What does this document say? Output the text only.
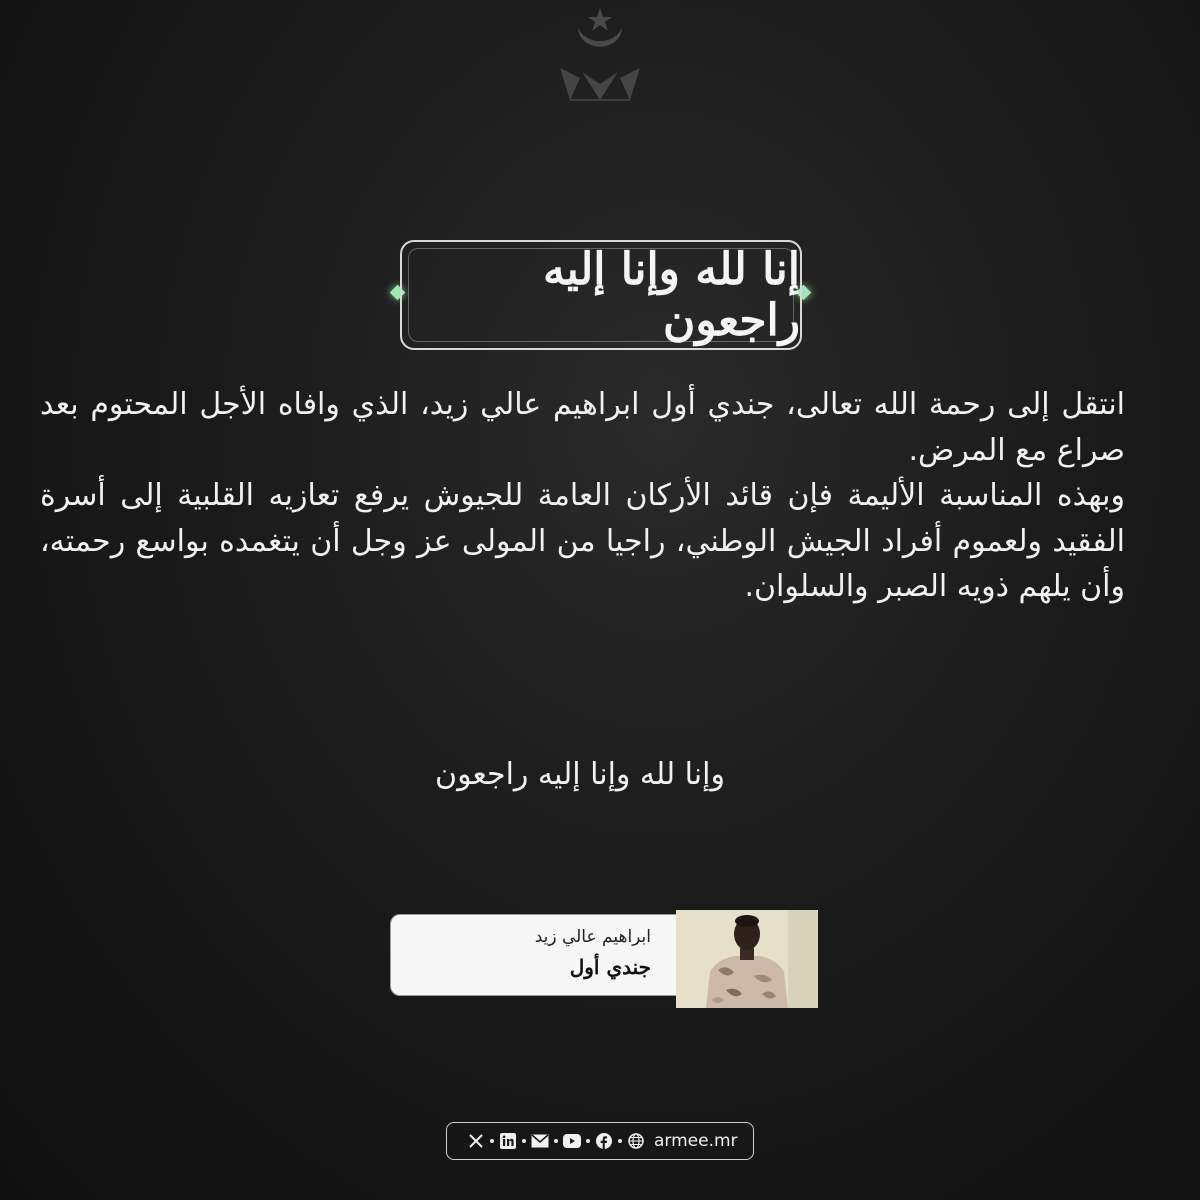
إنا لله وإنا إليه راجعون

انتقل إلى رحمة الله تعالى، جندي أول ابراهيم عالي زيد، الذي وافاه الأجل المحتوم بعد صراع مع المرض.

وبهذه المناسبة الأليمة فإن قائد الأركان العامة للجيوش يرفع تعازيه القلبية إلى أسرة الفقيد ولعموم أفراد الجيش الوطني، راجيا من المولى عز وجل أن يتغمده بواسع رحمته، وأن يلهم ذويه الصبر والسلوان.

وإنا لله وإنا إليه راجعون
ابراهيم عالي زيد
جندي أول
armee.mr
